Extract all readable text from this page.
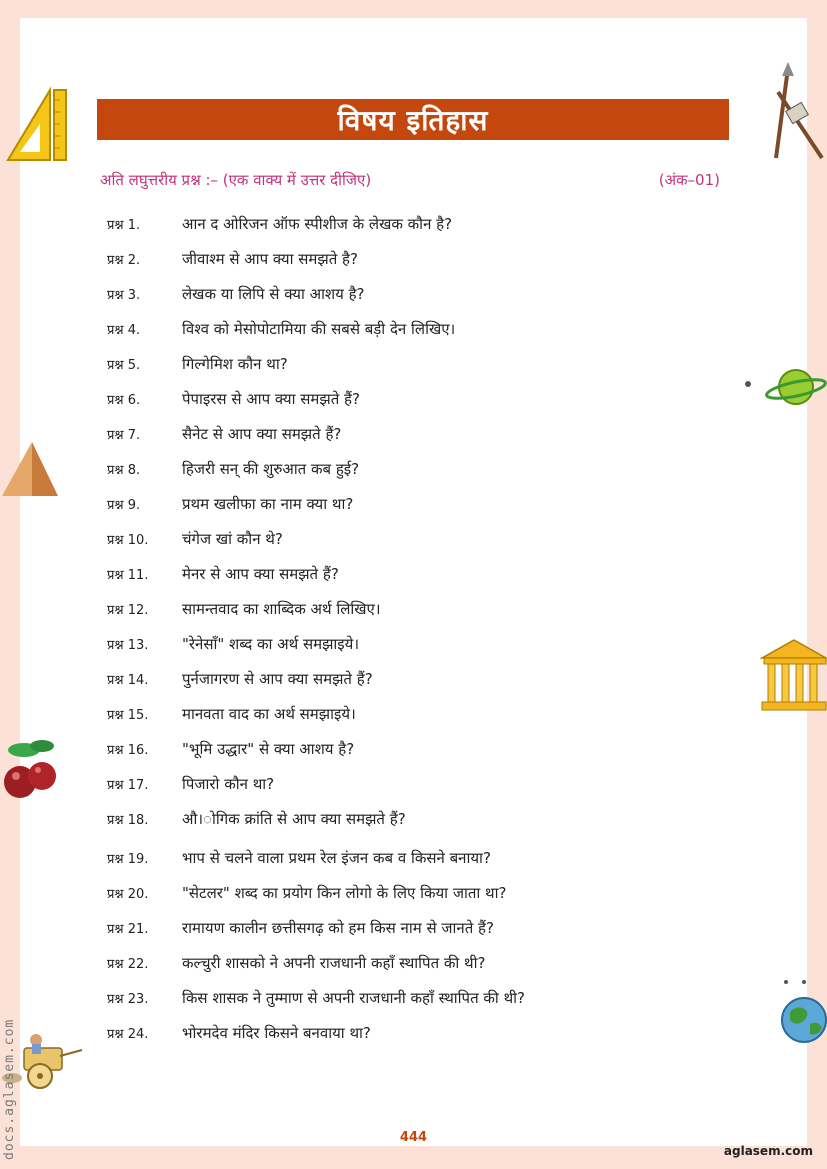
विषय इतिहास
अति लघुत्तरीय प्रश्न :– (एक वाक्य में उत्तर दीजिए)	(अंक–01)
प्रश्न 1.	आन द ओरिजन ऑफ स्पीशीज के लेखक कौन है?
प्रश्न 2.	जीवाश्म से आप क्या समझते है?
प्रश्न 3.	लेखक या लिपि से क्या आशय है?
प्रश्न 4.	विश्व को मेसोपोटामिया की सबसे बड़ी देन लिखिए।
प्रश्न 5.	गिल्गेमिश कौन था?
प्रश्न 6.	पेपाइरस से आप क्या समझते हैं?
प्रश्न 7.	सैनेट से आप क्या समझते हैं?
प्रश्न 8.	हिजरी सन् की शुरुआत कब हुई?
प्रश्न 9.	प्रथम खलीफा का नाम क्या था?
प्रश्न 10.	चंगेज खां कौन थे?
प्रश्न 11.	मेनर से आप क्या समझते हैं?
प्रश्न 12.	सामन्तवाद का शाब्दिक अर्थ लिखिए।
प्रश्न 13.	"रेनेसाँ" शब्द का अर्थ समझाइये।
प्रश्न 14.	पुर्नजागरण से आप क्या समझते हैं?
प्रश्न 15.	मानवता वाद का अर्थ समझाइये।
प्रश्न 16.	"भूमि उद्धार" से क्या आशय है?
प्रश्न 17.	पिजारो कौन था?
प्रश्न 18.	औ।ोगिक क्रांति से आप क्या समझते हैं?
प्रश्न 19.	भाप से चलने वाला प्रथम रेल इंजन कब व किसने बनाया?
प्रश्न 20.	"सेटलर" शब्द का प्रयोग किन लोगो के लिए किया जाता था?
प्रश्न 21.	रामायण कालीन छत्तीसगढ़ को हम किस नाम से जानते हैं?
प्रश्न 22.	कल्चुरी शासको ने अपनी राजधानी कहाँ स्थापित की थी?
प्रश्न 23.	किस शासक ने तुम्माण से अपनी राजधानी कहाँ स्थापित की थी?
प्रश्न 24.	भोरमदेव मंदिर किसने बनवाया था?
444
aglasem.com
docs.aglasem.com
